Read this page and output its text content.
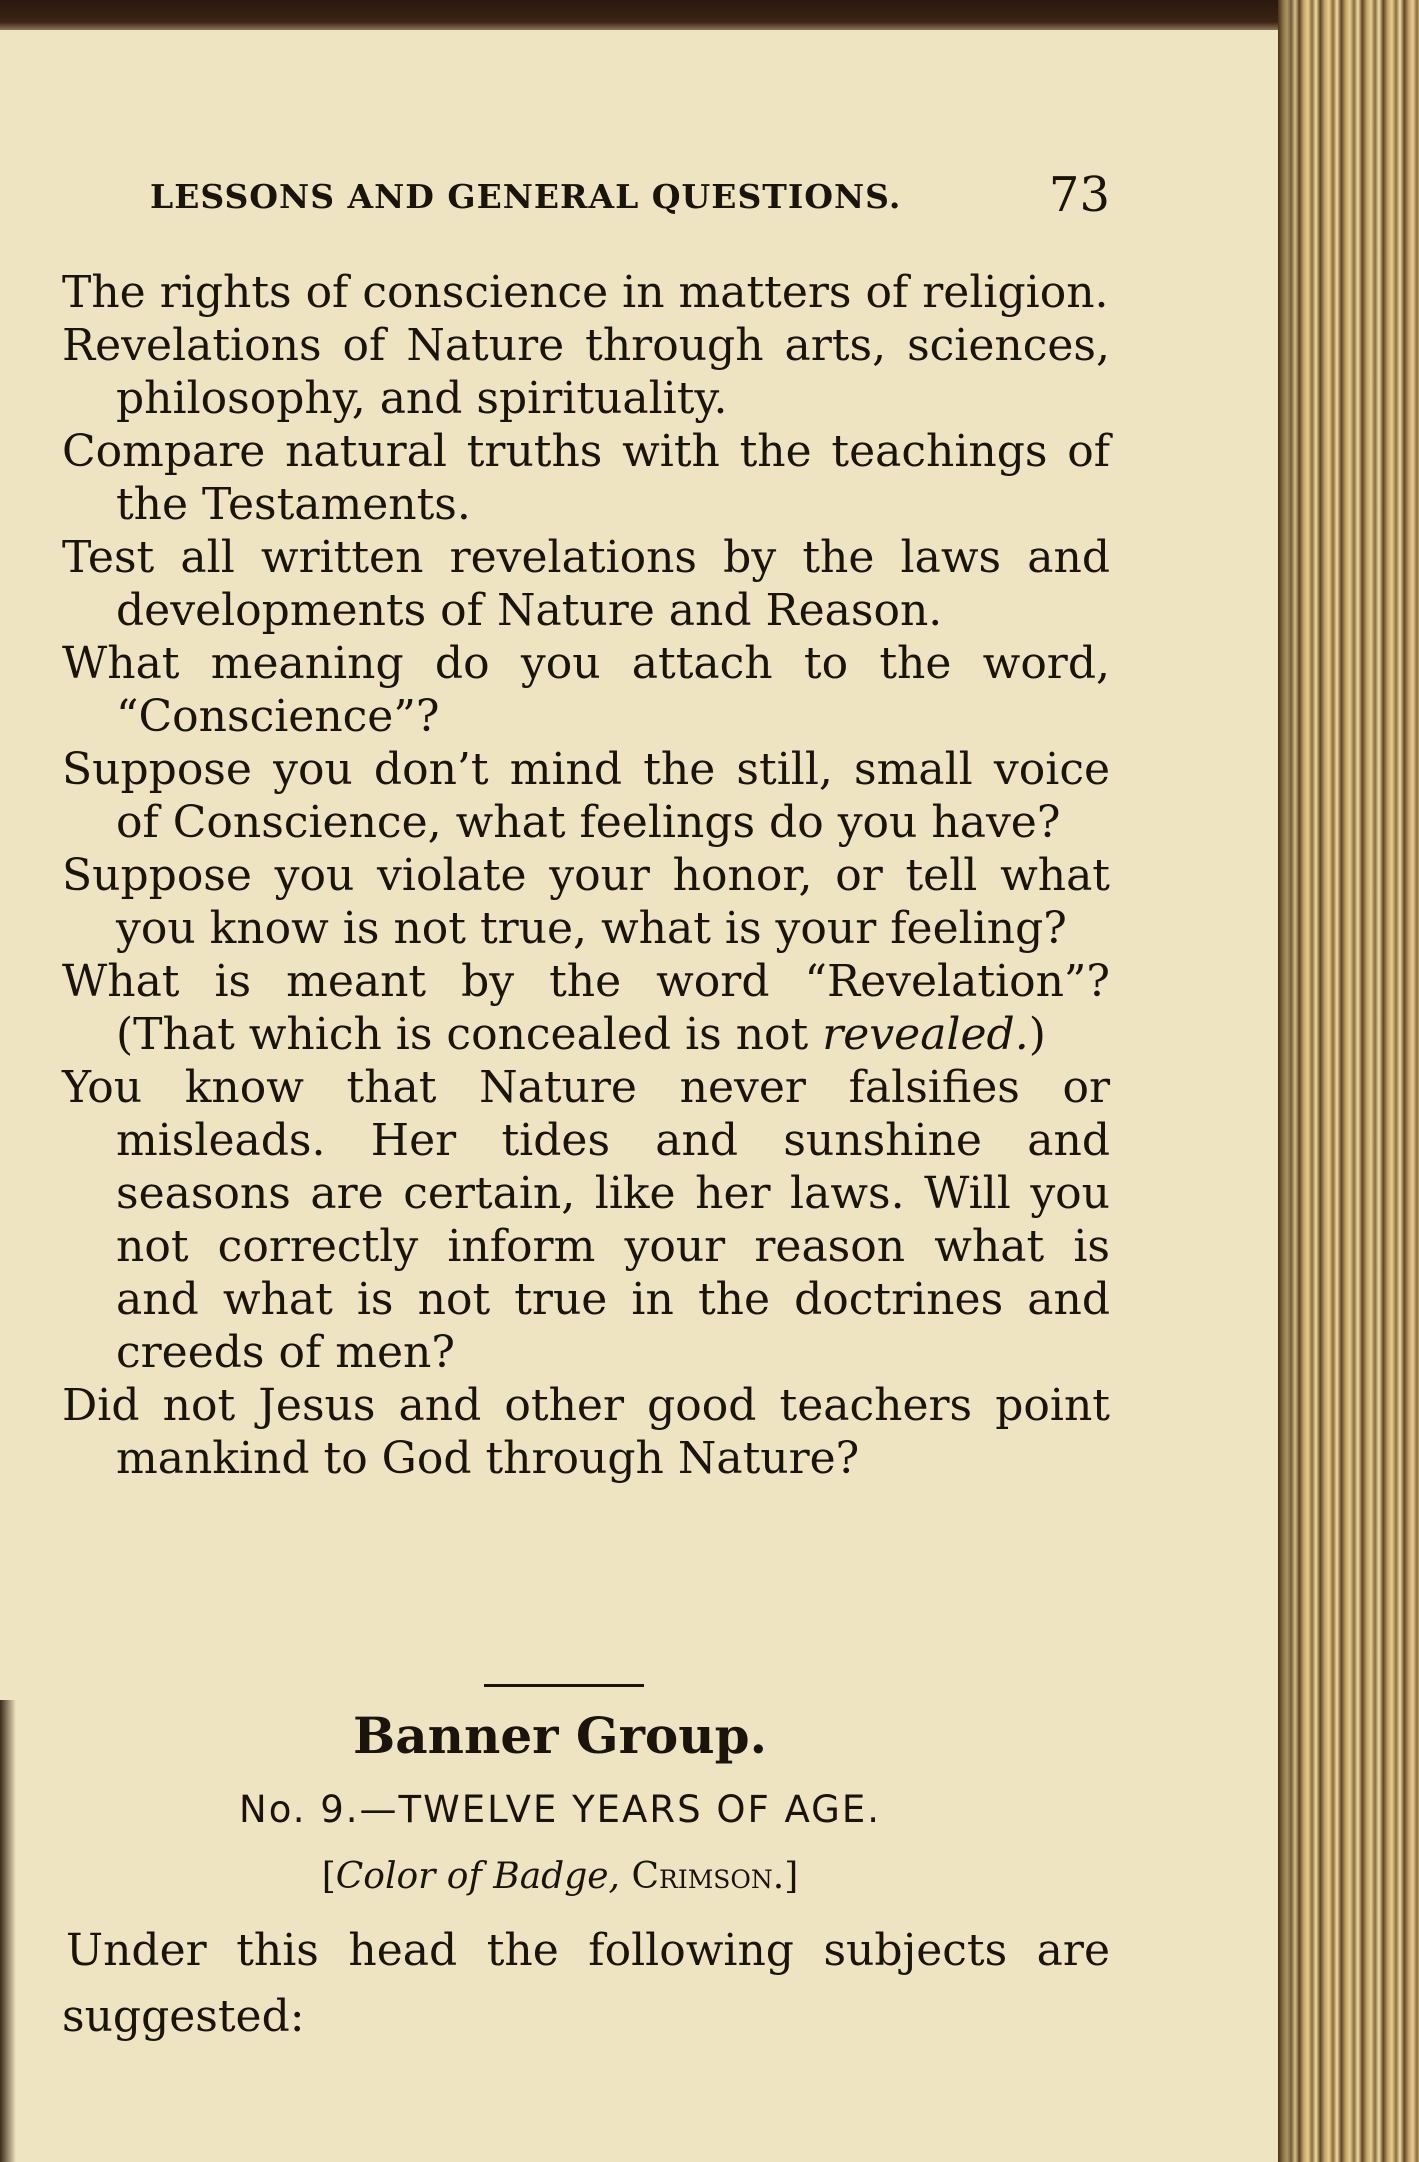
LESSONS AND GENERAL QUESTIONS.	73

The rights of conscience in matters of religion.

Revelations of Nature through arts, sciences, philosophy, and spirituality.

Compare natural truths with the teachings of the Testaments.

Test all written revelations by the laws and developments of Nature and Reason.

What meaning do you attach to the word, “Conscience”?

Suppose you don’t mind the still, small voice of Conscience, what feelings do you have?

Suppose you violate your honor, or tell what you know is not true, what is your feeling?

What is meant by the word “Revelation”? (That which is concealed is not revealed.)

You know that Nature never falsifies or misleads. Her tides and sunshine and seasons are certain, like her laws. Will you not correctly inform your reason what is and what is not true in the doctrines and creeds of men?

Did not Jesus and other good teachers point mankind to God through Nature?

Banner Group.
No. 9.—TWELVE YEARS OF AGE.
[Color of Badge, Crimson.]
Under this head the following subjects are suggested:
